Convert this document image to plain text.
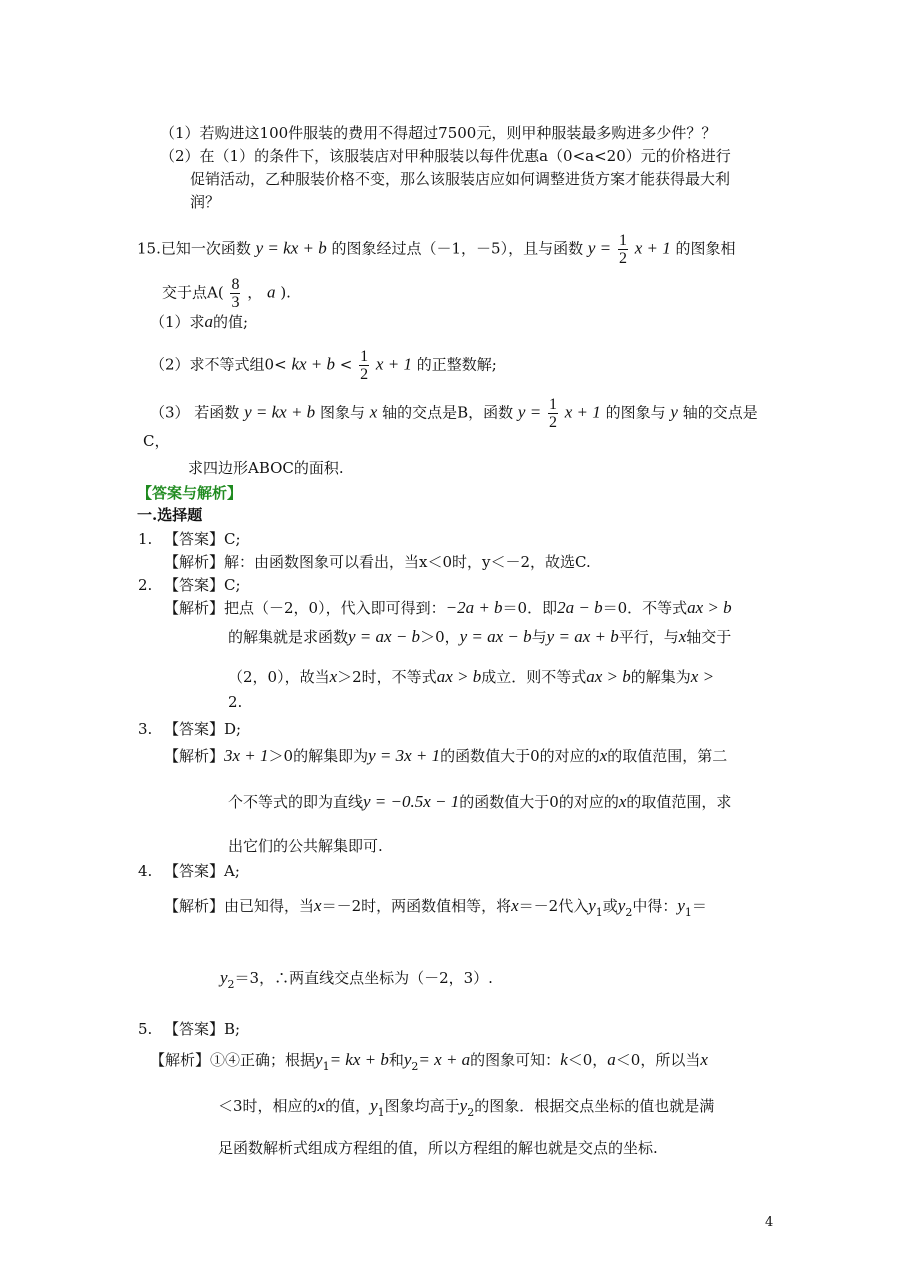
（1）若购进这100件服装的费用不得超过7500元，则甲种服装最多购进多少件？？
（2）在（1）的条件下，该服装店对甲种服装以每件优惠a（0<a<20）元的价格进行
促销活动，乙种服装价格不变，那么该服装店应如何调整进货方案才能获得最大利
润？
15.已知一次函数 y = kx + b 的图象经过点（－1，－5），且与函数 $y = \frac{1}{2}$ x + 1 的图象相
交于点$A( \frac{8}{3}$ ， a ).
（1）求a的值;
（2）求不等式组0< kx + $b < \frac{1}{2}$ x + 1 的正整数解;
（3） 若函数 y = kx + b 图象与 x 轴的交点是B，函数 $y = \frac{1}{2}$ x + 1 的图象与 y 轴的交点是
C，
求四边形ABOC的面积.
【答案与解析】
一.选择题
1. 【答案】C;
【解析】解：由函数图象可以看出，当x＜0时，y＜－2，故选C.
2. 【答案】C;
【解析】把点（－2，0），代入即可得到：−2a + b＝0．即2a − b＝0．不等式ax > b
的解集就是求函数y = ax − b＞0，y = ax − b与y = ax + b平行，与x轴交于
（2，0），故当x＞2时，不等式ax > b成立．则不等式ax > b的解集为x >
2.
3. 【答案】D;
【解析】3x + 1＞0的解集即为y = 3x + 1的函数值大于0的对应的x的取值范围，第二
个不等式的即为直线y = −0.5x − 1的函数值大于0的对应的x的取值范围，求
出它们的公共解集即可.
4. 【答案】A;
【解析】由已知得，当x＝－2时，两函数值相等，将x＝－2代入$y_1$或$y_2$中得：$y_1=$
$y_2=3$，∴两直线交点坐标为（－2，3）.
5. 【答案】B;
【解析】①④正确；根据$y_1=$ kx + b和$y_2= x + a$的图象可知：k＜0，a＜0，所以当x
＜3时，相应的x的值，$y_1$图象均高于$y_2$的图象．根据交点坐标的值也就是满
足函数解析式组成方程组的值，所以方程组的解也就是交点的坐标.
4
